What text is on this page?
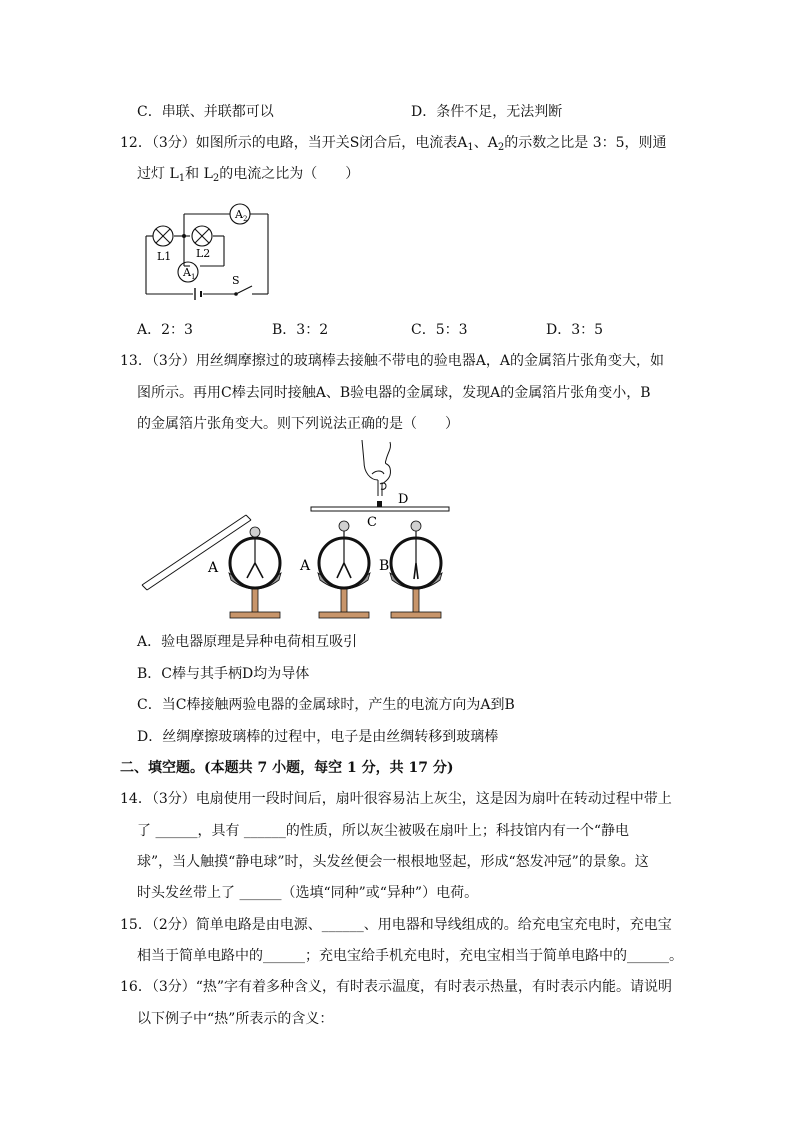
C．串联、并联都可以	D．条件不足，无法判断
12．（3分）如图所示的电路，当开关S闭合后，电流表$A_1$、$A_2$的示数之比是 3：5，则通
过灯 $L_1$和 $L_2$的电流之比为（　　）
$A_2$
$A_1$
L1 L2
S
A．2：3	B．3：2	C．5：3	D．3：5
13．（3分）用丝绸摩擦过的玻璃棒去接触不带电的验电器A，A的金属箔片张角变大，如
图所示。再用C棒去同时接触A、B验电器的金属球，发现A的金属箔片张角变小，B
的金属箔片张角变大。则下列说法正确的是（　　）
A	A	B
C
D
A．验电器原理是异种电荷相互吸引
B．C棒与其手柄D均为导体
C．当C棒接触两验电器的金属球时，产生的电流方向为A到B
D．丝绸摩擦玻璃棒的过程中，电子是由丝绸转移到玻璃棒
二、填空题。(本题共 7 小题，每空 1 分，共 17 分)
14．（3分）电扇使用一段时间后，扇叶很容易沾上灰尘，这是因为扇叶在转动过程中带上
了 ______，具有 ______的性质，所以灰尘被吸在扇叶上；科技馆内有一个“静电
球”，当人触摸“静电球”时，头发丝便会一根根地竖起，形成“怒发冲冠”的景象。这
时头发丝带上了 ______（选填“同种”或“异种”）电荷。
15．（2分）简单电路是由电源、______、用电器和导线组成的。给充电宝充电时，充电宝
相当于简单电路中的______；充电宝给手机充电时，充电宝相当于简单电路中的______。
16．（3分）“热”字有着多种含义，有时表示温度，有时表示热量，有时表示内能。请说明
以下例子中“热”所表示的含义：
